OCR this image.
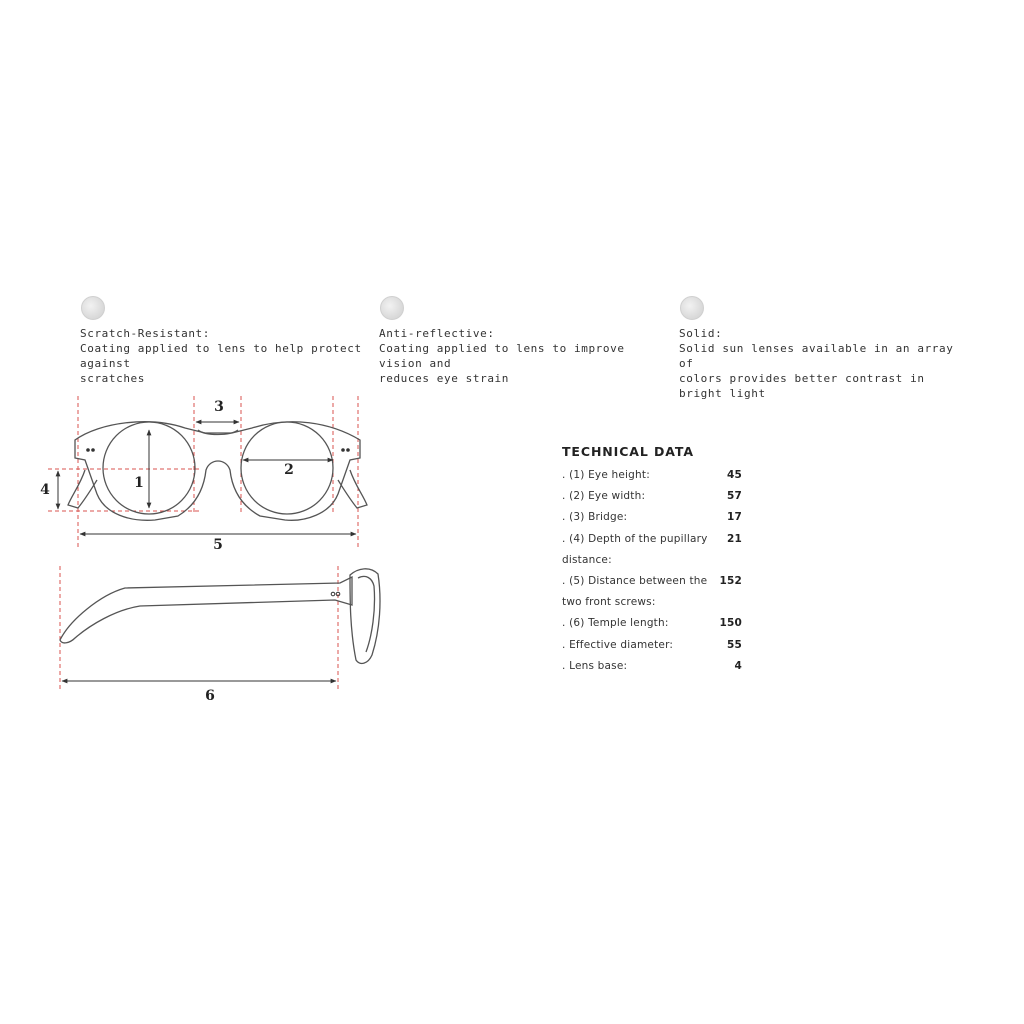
Scratch-Resistant:
Coating applied to lens to help protect against
scratches
Anti-reflective:
Coating applied to lens to improve vision and
reduces eye strain
Solid:
Solid sun lenses available in an array of
colors provides better contrast in bright light
1
2
3
4
5
6
TECHNICAL DATA
. (1) Eye height:	45
. (2) Eye width:	57
. (3) Bridge:	17
. (4) Depth of the pupillary	21
distance:
. (5) Distance between the	152
two front screws:
. (6) Temple length:	150
. Effective diameter:	55
. Lens base:	4
